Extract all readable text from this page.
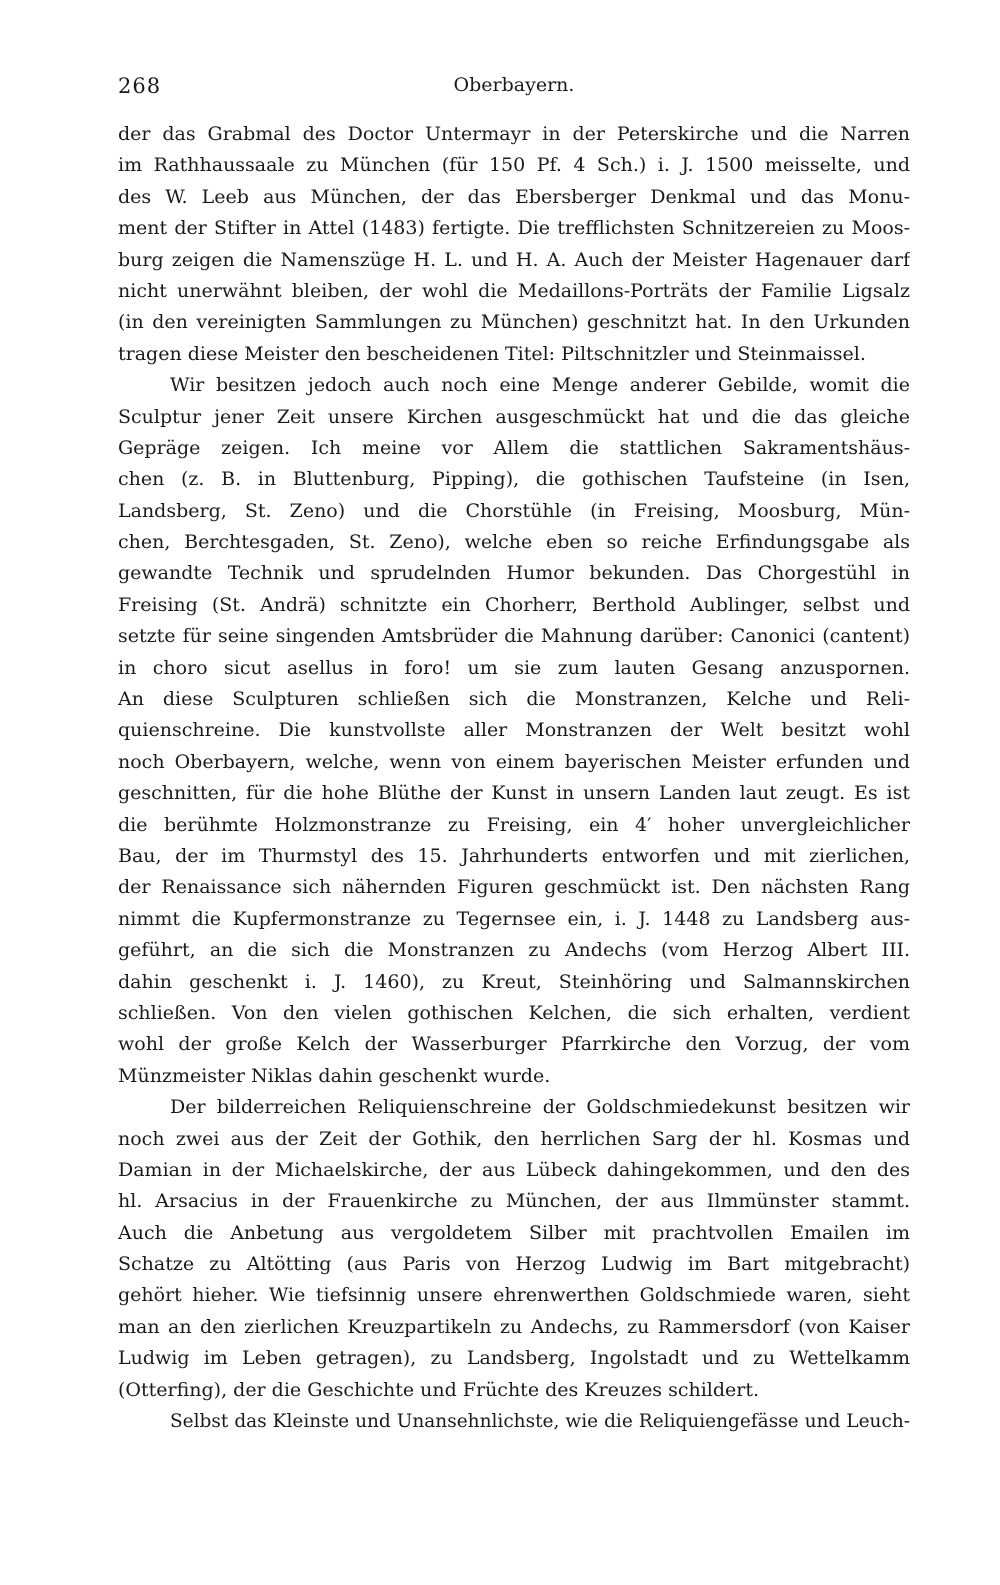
268	Oberbayern.
der das Grabmal des Doctor Untermayr in der Peterskirche und die Narren
im Rathhaussaale zu München (für 150 Pf. 4 Sch.) i. J. 1500 meisselte, und
des W. Leeb aus München, der das Ebersberger Denkmal und das Monu-
ment der Stifter in Attel (1483) fertigte. Die trefflichsten Schnitzereien zu Moos-
burg zeigen die Namenszüge H. L. und H. A. Auch der Meister Hagenauer darf
nicht unerwähnt bleiben, der wohl die Medaillons-Porträts der Familie Ligsalz
(in den vereinigten Sammlungen zu München) geschnitzt hat. In den Urkunden
tragen diese Meister den bescheidenen Titel: Piltschnitzler und Steinmaissel.
Wir besitzen jedoch auch noch eine Menge anderer Gebilde, womit die
Sculptur jener Zeit unsere Kirchen ausgeschmückt hat und die das gleiche
Gepräge zeigen. Ich meine vor Allem die stattlichen Sakramentshäus-
chen (z. B. in Bluttenburg, Pipping), die gothischen Taufsteine (in Isen,
Landsberg, St. Zeno) und die Chorstühle (in Freising, Moosburg, Mün-
chen, Berchtesgaden, St. Zeno), welche eben so reiche Erfindungsgabe als
gewandte Technik und sprudelnden Humor bekunden. Das Chorgestühl in
Freising (St. Andrä) schnitzte ein Chorherr, Berthold Aublinger, selbst und
setzte für seine singenden Amtsbrüder die Mahnung darüber: Canonici (cantent)
in choro sicut asellus in foro! um sie zum lauten Gesang anzuspornen.
An diese Sculpturen schließen sich die Monstranzen, Kelche und Reli-
quienschreine. Die kunstvollste aller Monstranzen der Welt besitzt wohl
noch Oberbayern, welche, wenn von einem bayerischen Meister erfunden und
geschnitten, für die hohe Blüthe der Kunst in unsern Landen laut zeugt. Es ist
die berühmte Holzmonstranze zu Freising, ein 4′ hoher unvergleichlicher
Bau, der im Thurmstyl des 15. Jahrhunderts entworfen und mit zierlichen,
der Renaissance sich nähernden Figuren geschmückt ist. Den nächsten Rang
nimmt die Kupfermonstranze zu Tegernsee ein, i. J. 1448 zu Landsberg aus-
geführt, an die sich die Monstranzen zu Andechs (vom Herzog Albert III.
dahin geschenkt i. J. 1460), zu Kreut, Steinhöring und Salmannskirchen
schließen. Von den vielen gothischen Kelchen, die sich erhalten, verdient
wohl der große Kelch der Wasserburger Pfarrkirche den Vorzug, der vom
Münzmeister Niklas dahin geschenkt wurde.
Der bilderreichen Reliquienschreine der Goldschmiedekunst besitzen wir
noch zwei aus der Zeit der Gothik, den herrlichen Sarg der hl. Kosmas und
Damian in der Michaelskirche, der aus Lübeck dahingekommen, und den des
hl. Arsacius in der Frauenkirche zu München, der aus Ilmmünster stammt.
Auch die Anbetung aus vergoldetem Silber mit prachtvollen Emailen im
Schatze zu Altötting (aus Paris von Herzog Ludwig im Bart mitgebracht)
gehört hieher. Wie tiefsinnig unsere ehrenwerthen Goldschmiede waren, sieht
man an den zierlichen Kreuzpartikeln zu Andechs, zu Rammersdorf (von Kaiser
Ludwig im Leben getragen), zu Landsberg, Ingolstadt und zu Wettelkamm
(Otterfing), der die Geschichte und Früchte des Kreuzes schildert.
Selbst das Kleinste und Unansehnlichste, wie die Reliquiengefässe und Leuch-
